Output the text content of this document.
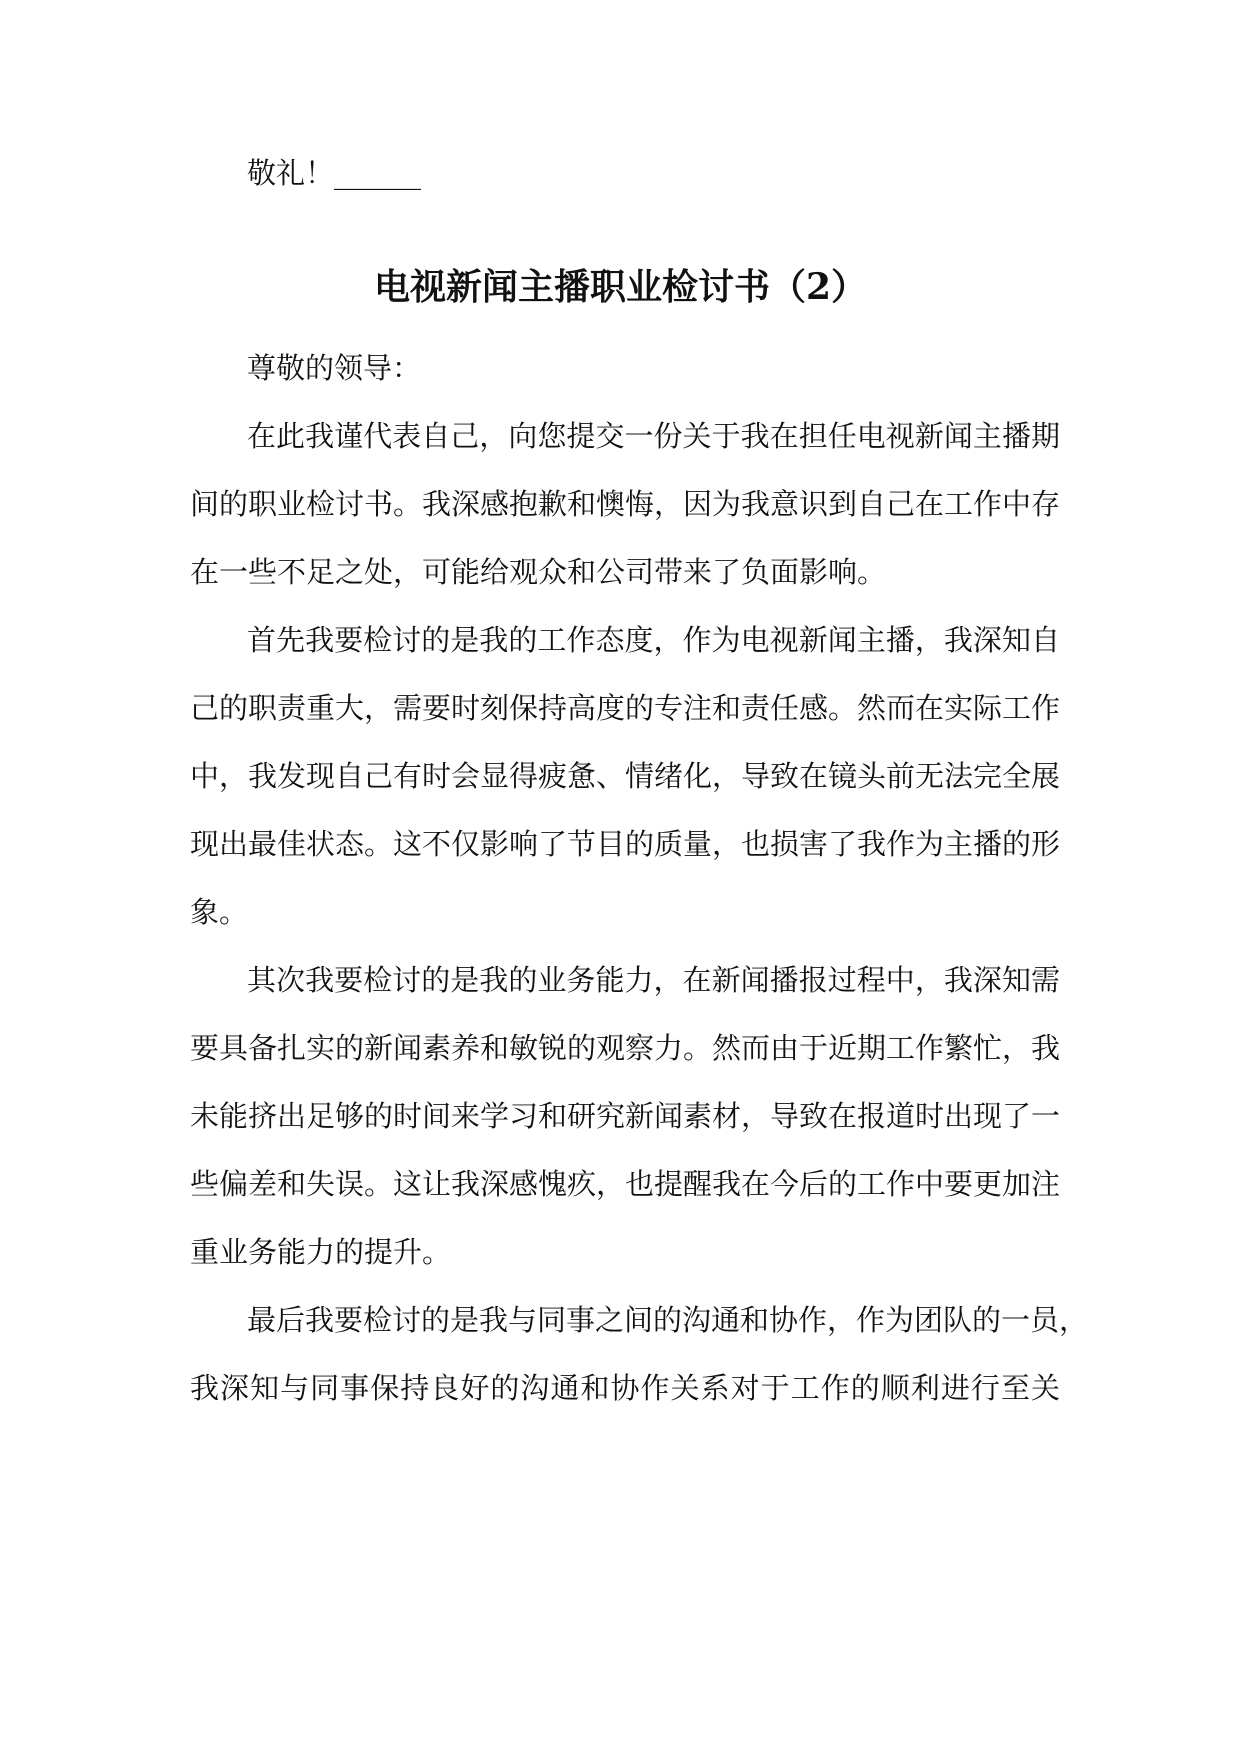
敬礼！______
电视新闻主播职业检讨书（2）
尊敬的领导：
在此我谨代表自己，向您提交一份关于我在担任电视新闻主播期
间的职业检讨书。我深感抱歉和懊悔，因为我意识到自己在工作中存
在一些不足之处，可能给观众和公司带来了负面影响。
首先我要检讨的是我的工作态度，作为电视新闻主播，我深知自
己的职责重大，需要时刻保持高度的专注和责任感。然而在实际工作
中，我发现自己有时会显得疲惫、情绪化，导致在镜头前无法完全展
现出最佳状态。这不仅影响了节目的质量，也损害了我作为主播的形
象。
其次我要检讨的是我的业务能力，在新闻播报过程中，我深知需
要具备扎实的新闻素养和敏锐的观察力。然而由于近期工作繁忙，我
未能挤出足够的时间来学习和研究新闻素材，导致在报道时出现了一
些偏差和失误。这让我深感愧疚，也提醒我在今后的工作中要更加注
重业务能力的提升。
最后我要检讨的是我与同事之间的沟通和协作，作为团队的一员，
我深知与同事保持良好的沟通和协作关系对于工作的顺利进行至关
